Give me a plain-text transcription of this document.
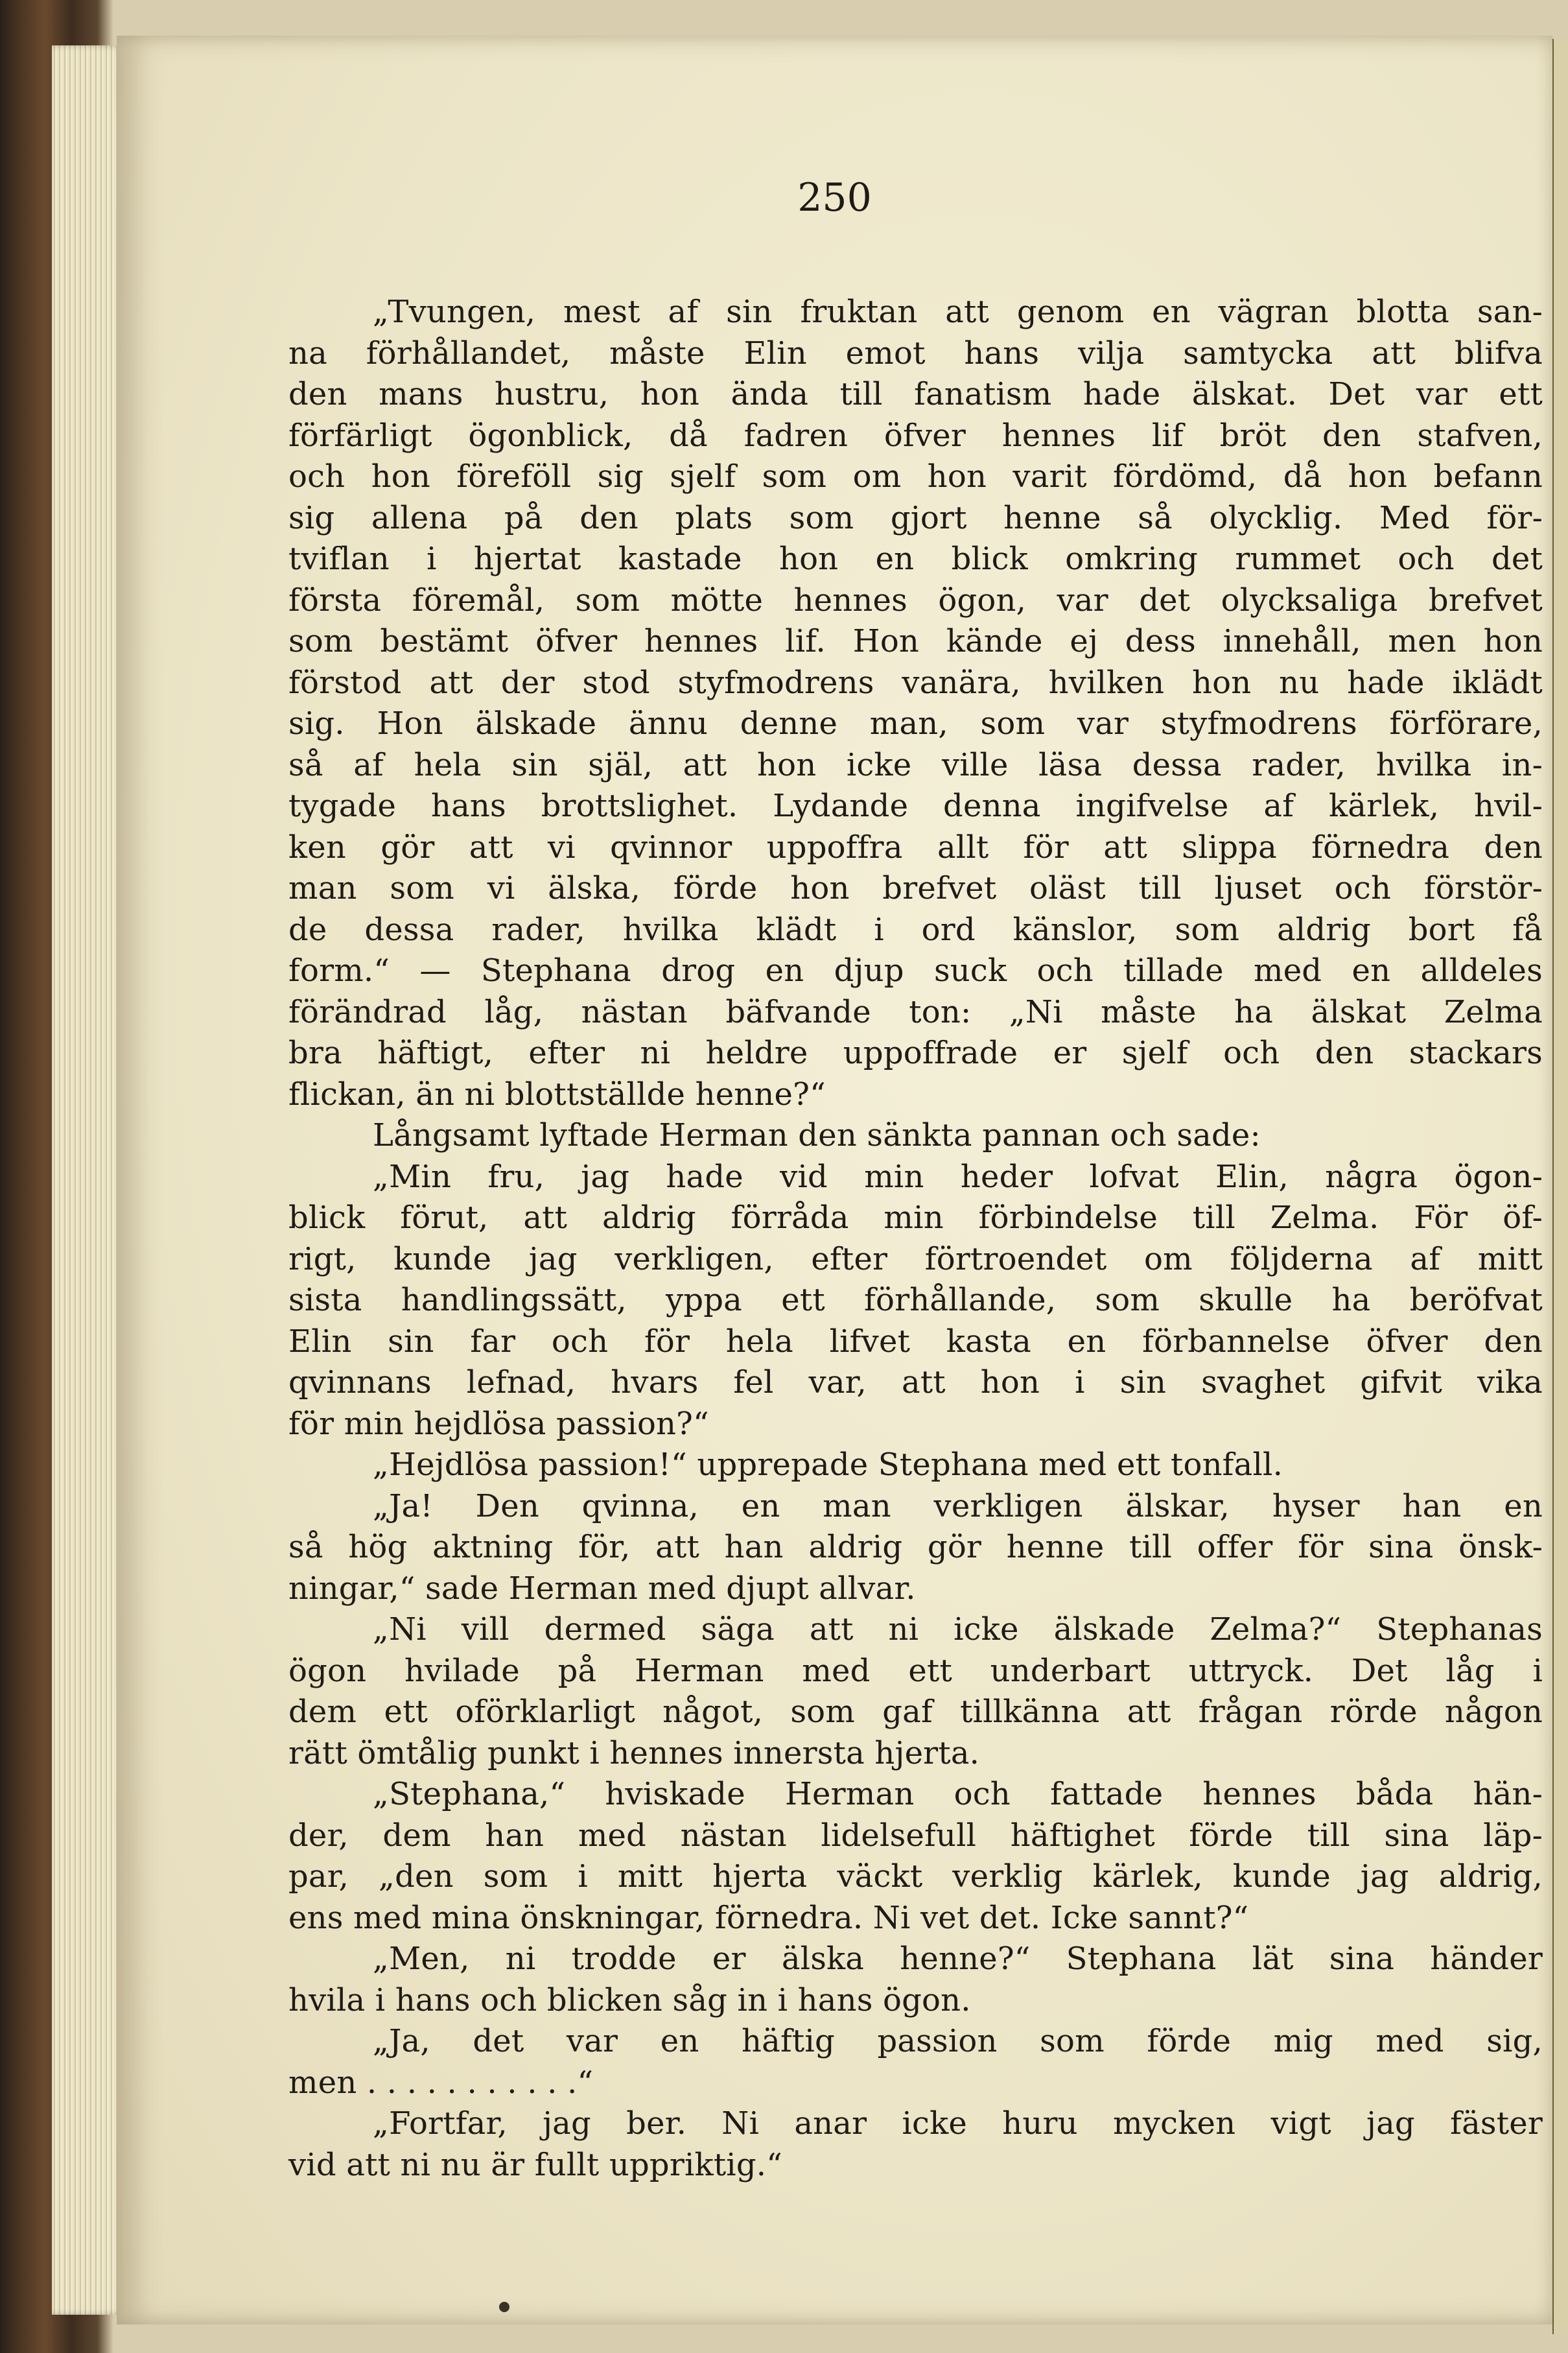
250
„Tvungen, mest af sin fruktan att genom en vägran blotta san-
na förhållandet, måste Elin emot hans vilja samtycka att blifva
den mans hustru, hon ända till fanatism hade älskat. Det var ett
förfärligt ögonblick, då fadren öfver hennes lif bröt den stafven,
och hon föreföll sig sjelf som om hon varit fördömd, då hon befann
sig allena på den plats som gjort henne så olycklig. Med för-
tviflan i hjertat kastade hon en blick omkring rummet och det
första föremål, som mötte hennes ögon, var det olycksaliga brefvet
som bestämt öfver hennes lif. Hon kände ej dess innehåll, men hon
förstod att der stod styfmodrens vanära, hvilken hon nu hade iklädt
sig. Hon älskade ännu denne man, som var styfmodrens förförare,
så af hela sin själ, att hon icke ville läsa dessa rader, hvilka in-
tygade hans brottslighet. Lydande denna ingifvelse af kärlek, hvil-
ken gör att vi qvinnor uppoffra allt för att slippa förnedra den
man som vi älska, förde hon brefvet oläst till ljuset och förstör-
de dessa rader, hvilka klädt i ord känslor, som aldrig bort få
form.“ — Stephana drog en djup suck och tillade med en alldeles
förändrad låg, nästan bäfvande ton: „Ni måste ha älskat Zelma
bra häftigt, efter ni heldre uppoffrade er sjelf och den stackars
flickan, än ni blottställde henne?“
Långsamt lyftade Herman den sänkta pannan och sade:
„Min fru, jag hade vid min heder lofvat Elin, några ögon-
blick förut, att aldrig förråda min förbindelse till Zelma. För öf-
rigt, kunde jag verkligen, efter förtroendet om följderna af mitt
sista handlingssätt, yppa ett förhållande, som skulle ha beröfvat
Elin sin far och för hela lifvet kasta en förbannelse öfver den
qvinnans lefnad, hvars fel var, att hon i sin svaghet gifvit vika
för min hejdlösa passion?“
„Hejdlösa passion!“ upprepade Stephana med ett tonfall.
„Ja! Den qvinna, en man verkligen älskar, hyser han en
så hög aktning för, att han aldrig gör henne till offer för sina önsk-
ningar,“ sade Herman med djupt allvar.
„Ni vill dermed säga att ni icke älskade Zelma?“ Stephanas
ögon hvilade på Herman med ett underbart uttryck. Det låg i
dem ett oförklarligt något, som gaf tillkänna att frågan rörde någon
rätt ömtålig punkt i hennes innersta hjerta.
„Stephana,“ hviskade Herman och fattade hennes båda hän-
der, dem han med nästan lidelsefull häftighet förde till sina läp-
par, „den som i mitt hjerta väckt verklig kärlek, kunde jag aldrig,
ens med mina önskningar, förnedra. Ni vet det. Icke sannt?“
„Men, ni trodde er älska henne?“ Stephana lät sina händer
hvila i hans och blicken såg in i hans ögon.
„Ja, det var en häftig passion som förde mig med sig,
men . . . . . . . . . . .“
„Fortfar, jag ber. Ni anar icke huru mycken vigt jag fäster
vid att ni nu är fullt uppriktig.“
